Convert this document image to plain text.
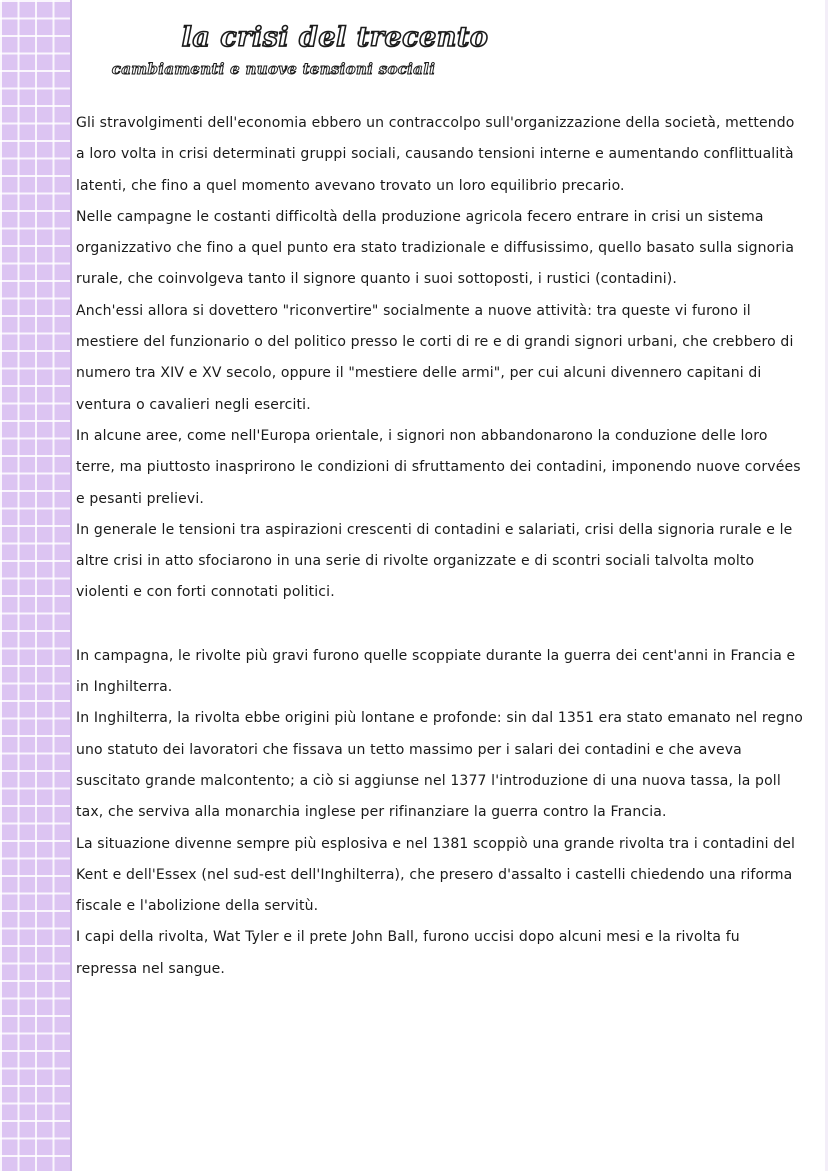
la crisi del trecento
cambiamenti e nuove tensioni sociali

Gli stravolgimenti dell'economia ebbero un contraccolpo sull'organizzazione della società, mettendo a loro volta in crisi determinati gruppi sociali, causando tensioni interne e aumentando conflittualità latenti, che fino a quel momento avevano trovato un loro equilibrio precario.

Nelle campagne le costanti difficoltà della produzione agricola fecero entrare in crisi un sistema organizzativo che fino a quel punto era stato tradizionale e diffusissimo, quello basato sulla signoria rurale, che coinvolgeva tanto il signore quanto i suoi sottoposti, i rustici (contadini).

Anch'essi allora si dovettero "riconvertire" socialmente a nuove attività: tra queste vi furono il mestiere del funzionario o del politico presso le corti di re e di grandi signori urbani, che crebbero di numero tra XIV e XV secolo, oppure il "mestiere delle armi", per cui alcuni divennero capitani di ventura o cavalieri negli eserciti.

In alcune aree, come nell'Europa orientale, i signori non abbandonarono la conduzione delle loro terre, ma piuttosto inasprirono le condizioni di sfruttamento dei contadini, imponendo nuove corvées e pesanti prelievi.

In generale le tensioni tra aspirazioni crescenti di contadini e salariati, crisi della signoria rurale e le altre crisi in atto sfociarono in una serie di rivolte organizzate e di scontri sociali talvolta molto violenti e con forti connotati politici.

In campagna, le rivolte più gravi furono quelle scoppiate durante la guerra dei cent'anni in Francia e in Inghilterra.

In Inghilterra, la rivolta ebbe origini più lontane e profonde: sin dal 1351 era stato emanato nel regno uno statuto dei lavoratori che fissava un tetto massimo per i salari dei contadini e che aveva suscitato grande malcontento; a ciò si aggiunse nel 1377 l'introduzione di una nuova tassa, la poll tax, che serviva alla monarchia inglese per rifinanziare la guerra contro la Francia.

La situazione divenne sempre più esplosiva e nel 1381 scoppiò una grande rivolta tra i contadini del Kent e dell'Essex (nel sud-est dell'Inghilterra), che presero d'assalto i castelli chiedendo una riforma fiscale e l'abolizione della servitù.

I capi della rivolta, Wat Tyler e il prete John Ball, furono uccisi dopo alcuni mesi e la rivolta fu repressa nel sangue.
